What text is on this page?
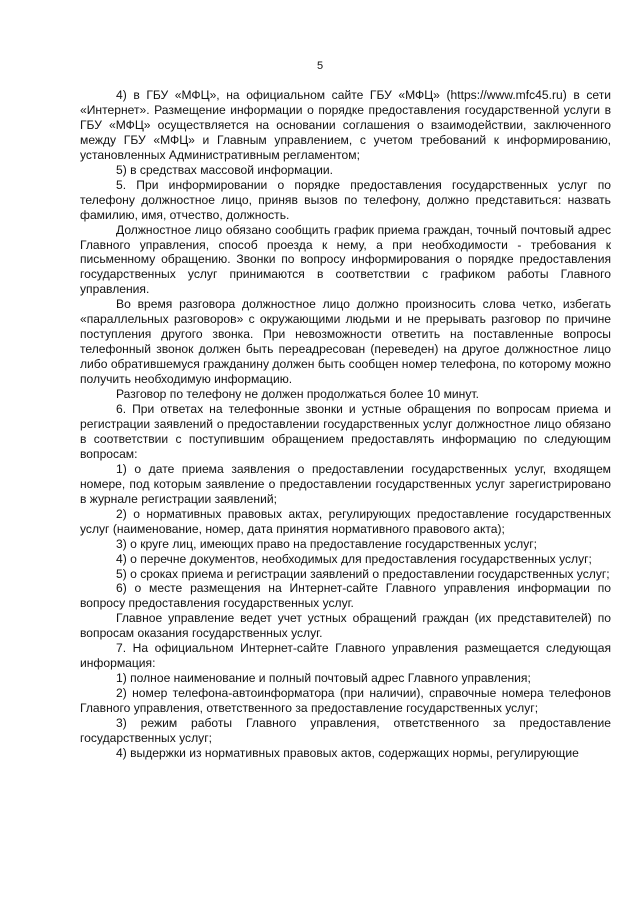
5

4) в ГБУ «МФЦ», на официальном сайте ГБУ «МФЦ» (https://www.mfc45.ru) в сети «Интернет». Размещение информации о порядке предоставления государственной услуги в ГБУ «МФЦ» осуществляется на основании соглашения о взаимодействии, заключенного между ГБУ «МФЦ» и Главным управлением, с учетом требований к информированию, установленных Административным регламентом;

5) в средствах массовой информации.

5. При информировании о порядке предоставления государственных услуг по телефону должностное лицо, приняв вызов по телефону, должно представиться: назвать фамилию, имя, отчество, должность.

Должностное лицо обязано сообщить график приема граждан, точный почтовый адрес Главного управления, способ проезда к нему, а при необходимости - требования к письменному обращению. Звонки по вопросу информирования о порядке предоставления государственных услуг принимаются в соответствии с графиком работы Главного управления.

Во время разговора должностное лицо должно произносить слова четко, избегать «параллельных разговоров» с окружающими людьми и не прерывать разговор по причине поступления другого звонка. При невозможности ответить на поставленные вопросы телефонный звонок должен быть переадресован (переведен) на другое должностное лицо либо обратившемуся гражданину должен быть сообщен номер телефона, по которому можно получить необходимую информацию.

Разговор по телефону не должен продолжаться более 10 минут.

6. При ответах на телефонные звонки и устные обращения по вопросам приема и регистрации заявлений о предоставлении государственных услуг должностное лицо обязано в соответствии с поступившим обращением предоставлять информацию по следующим вопросам:

1) о дате приема заявления о предоставлении государственных услуг, входящем номере, под которым заявление о предоставлении государственных услуг зарегистрировано в журнале регистрации заявлений;

2) о нормативных правовых актах, регулирующих предоставление государственных услуг (наименование, номер, дата принятия нормативного правового акта);

3) о круге лиц, имеющих право на предоставление государственных услуг;

4) о перечне документов, необходимых для предоставления государственных услуг;

5) о сроках приема и регистрации заявлений о предоставлении государственных услуг;

6) о месте размещения на Интернет-сайте Главного управления информации по вопросу предоставления государственных услуг.

Главное управление ведет учет устных обращений граждан (их представителей) по вопросам оказания государственных услуг.

7. На официальном Интернет-сайте Главного управления размещается следующая информация:

1) полное наименование и полный почтовый адрес Главного управления;

2) номер телефона-автоинформатора (при наличии), справочные номера телефонов Главного управления, ответственного за предоставление государственных услуг;

3) режим работы Главного управления, ответственного за предоставление государственных услуг;

4) выдержки из нормативных правовых актов, содержащих нормы, регулирующие
